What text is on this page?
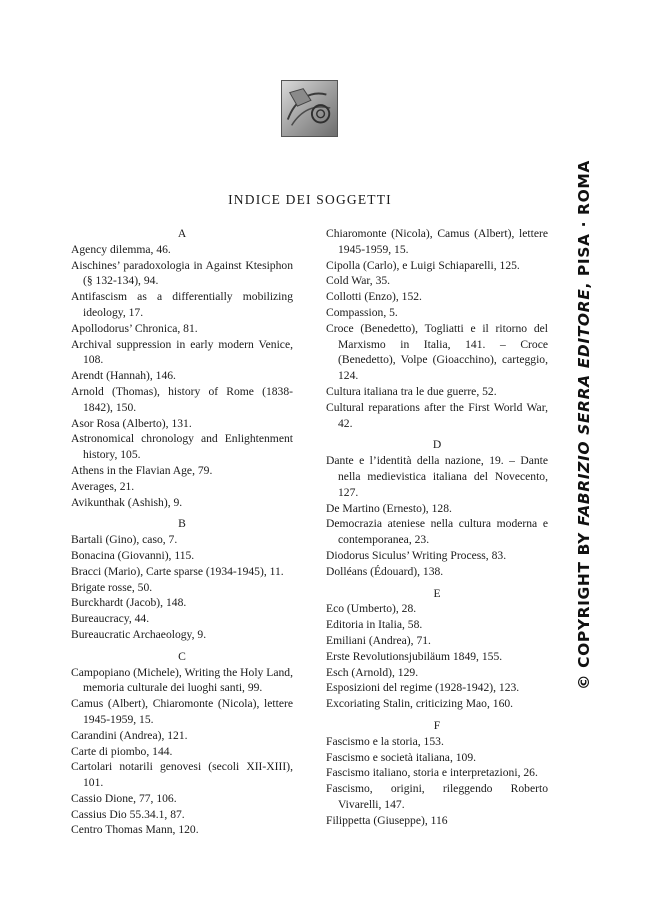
INDICE DEI SOGGETTI
A
Agency dilemma, 46.
Aischines’ paradoxologia in Against Ktesiphon (§ 132-134), 94.
Antifascism as a differentially mobilizing ideology, 17.
Apollodorus’ Chronica, 81.
Archival suppression in early modern Venice, 108.
Arendt (Hannah), 146.
Arnold (Thomas), history of Rome (1838-1842), 150.
Asor Rosa (Alberto), 131.
Astronomical chronology and Enlightenment history, 105.
Athens in the Flavian Age, 79.
Averages, 21.
Avikunthak (Ashish), 9.
B
Bartali (Gino), caso, 7.
Bonacina (Giovanni), 115.
Bracci (Mario), Carte sparse (1934-1945), 11.
Brigate rosse, 50.
Burckhardt (Jacob), 148.
Bureaucracy, 44.
Bureaucratic Archaeology, 9.
C
Campopiano (Michele), Writing the Holy Land, memoria culturale dei luoghi santi, 99.
Camus (Albert), Chiaromonte (Nicola), lettere 1945-1959, 15.
Carandini (Andrea), 121.
Carte di piombo, 144.
Cartolari notarili genovesi (secoli XII-XIII), 101.
Cassio Dione, 77, 106.
Cassius Dio 55.34.1, 87.
Centro Thomas Mann, 120.
Chiaromonte (Nicola), Camus (Albert), lettere 1945-1959, 15.
Cipolla (Carlo), e Luigi Schiaparelli, 125.
Cold War, 35.
Collotti (Enzo), 152.
Compassion, 5.
Croce (Benedetto), Togliatti e il ritorno del Marxismo in Italia, 141. – Croce (Benedetto), Volpe (Gioacchino), carteggio, 124.
Cultura italiana tra le due guerre, 52.
Cultural reparations after the First World War, 42.
D
Dante e l’identità della nazione, 19. – Dante nella medievistica italiana del Novecento, 127.
De Martino (Ernesto), 128.
Democrazia ateniese nella cultura moderna e contemporanea, 23.
Diodorus Siculus’ Writing Process, 83.
Dolléans (Édouard), 138.
E
Eco (Umberto), 28.
Editoria in Italia, 58.
Emiliani (Andrea), 71.
Erste Revolutionsjubiläum 1849, 155.
Esch (Arnold), 129.
Esposizioni del regime (1928-1942), 123.
Excoriating Stalin, criticizing Mao, 160.
F
Fascismo e la storia, 153.
Fascismo e società italiana, 109.
Fascismo italiano, storia e interpretazioni, 26.
Fascismo, origini, rileggendo Roberto Vivarelli, 147.
Filippetta (Giuseppe), 116
© COPYRIGHT BY FABRIZIO SERRA EDITORE, PISA · ROMA
